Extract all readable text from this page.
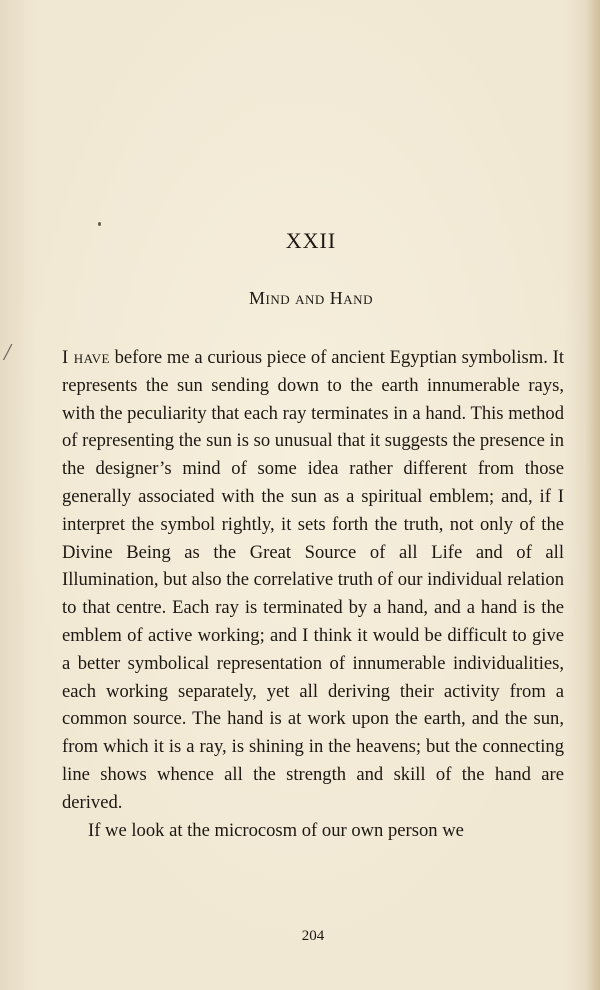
XXII
Mind and Hand
/	I have before me a curious piece of ancient Egyptian symbolism. It represents the sun sending down to the earth innumerable rays, with the peculiarity that each ray terminates in a hand. This method of representing the sun is so unusual that it suggests the presence in the designer’s mind of some idea rather different from those generally associated with the sun as a spiritual emblem; and, if I interpret the symbol rightly, it sets forth the truth, not only of the Divine Being as the Great Source of all Life and of all Illumination, but also the correlative truth of our individual relation to that centre. Each ray is terminated by a hand, and a hand is the emblem of active working; and I think it would be difficult to give a better symbolical representation of innumerable individualities, each working separately, yet all deriving their activity from a common source. The hand is at work upon the earth, and the sun, from which it is a ray, is shining in the heavens; but the connecting line shows whence all the strength and skill of the hand are derived.

If we look at the microcosm of our own person we

204
